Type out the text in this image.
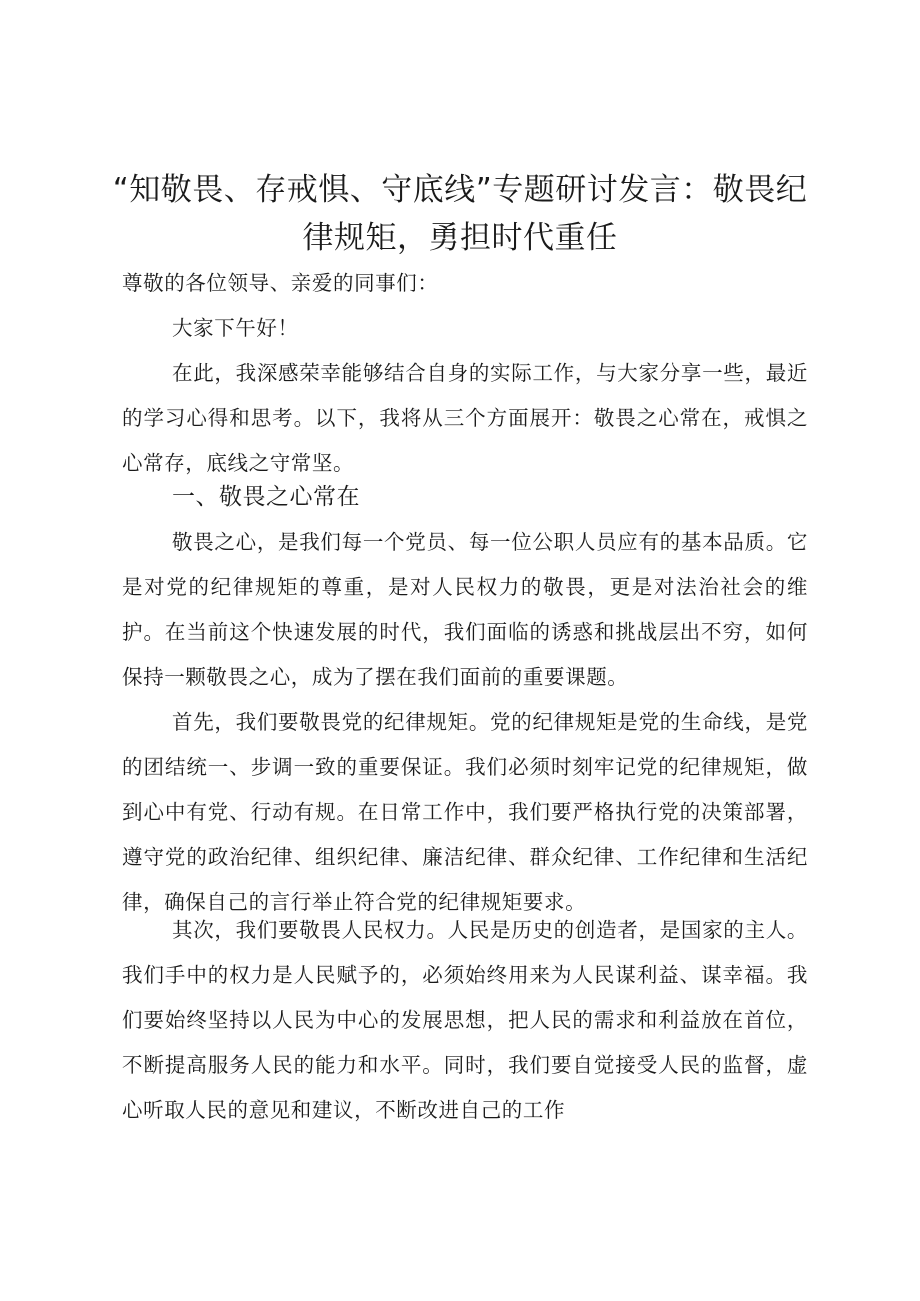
“知敬畏、存戒惧、守底线”专题研讨发言：敬畏纪律规矩，勇担时代重任

尊敬的各位领导、亲爱的同事们：

大家下午好！

在此，我深感荣幸能够结合自身的实际工作，与大家分享一些，最近的学习心得和思考。以下，我将从三个方面展开：敬畏之心常在，戒惧之心常存，底线之守常坚。

一、敬畏之心常在

敬畏之心，是我们每一个党员、每一位公职人员应有的基本品质。它是对党的纪律规矩的尊重，是对人民权力的敬畏，更是对法治社会的维护。在当前这个快速发展的时代，我们面临的诱惑和挑战层出不穷，如何保持一颗敬畏之心，成为了摆在我们面前的重要课题。

首先，我们要敬畏党的纪律规矩。党的纪律规矩是党的生命线，是党的团结统一、步调一致的重要保证。我们必须时刻牢记党的纪律规矩，做到心中有党、行动有规。在日常工作中，我们要严格执行党的决策部署，遵守党的政治纪律、组织纪律、廉洁纪律、群众纪律、工作纪律和生活纪律，确保自己的言行举止符合党的纪律规矩要求。

其次，我们要敬畏人民权力。人民是历史的创造者，是国家的主人。我们手中的权力是人民赋予的，必须始终用来为人民谋利益、谋幸福。我们要始终坚持以人民为中心的发展思想，把人民的需求和利益放在首位，不断提高服务人民的能力和水平。同时，我们要自觉接受人民的监督，虚心听取人民的意见和建议，不断改进自己的工作
